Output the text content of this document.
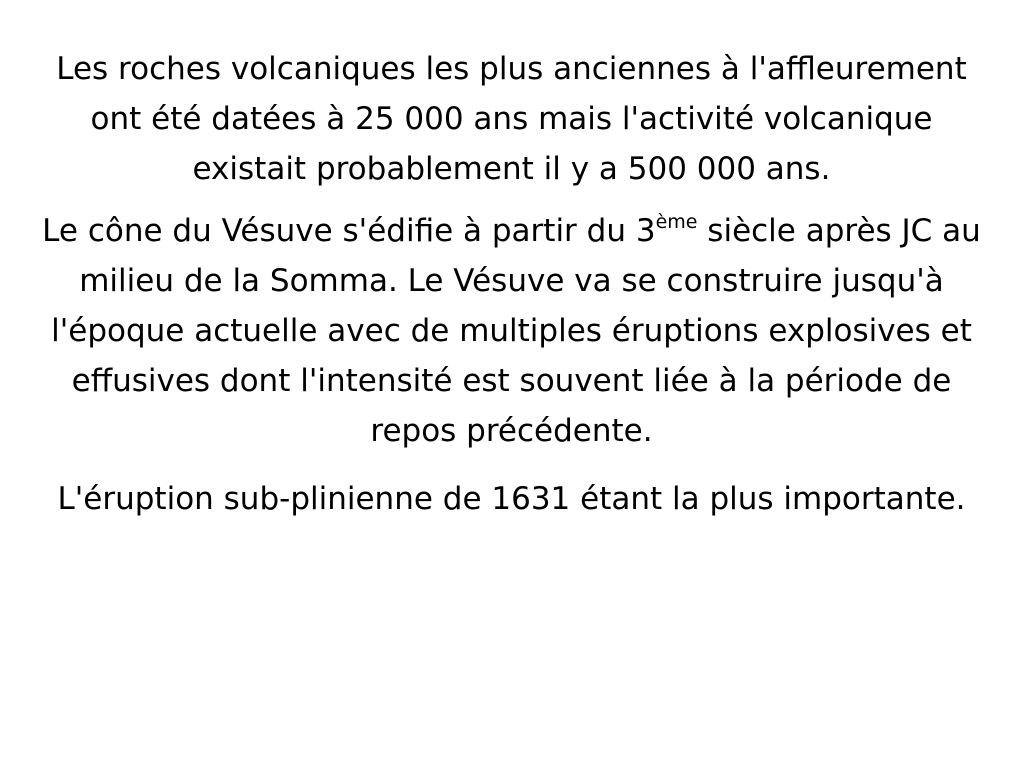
Les roches volcaniques les plus anciennes à l'affleurement ont été datées à 25 000 ans mais l'activité volcanique existait probablement il y a 500 000 ans.

Le cône du Vésuve s'édifie à partir du 3ème siècle après JC au milieu de la Somma. Le Vésuve va se construire jusqu'à l'époque actuelle avec de multiples éruptions explosives et effusives dont l'intensité est souvent liée à la période de repos précédente.

L'éruption sub-plinienne de 1631 étant la plus importante.
